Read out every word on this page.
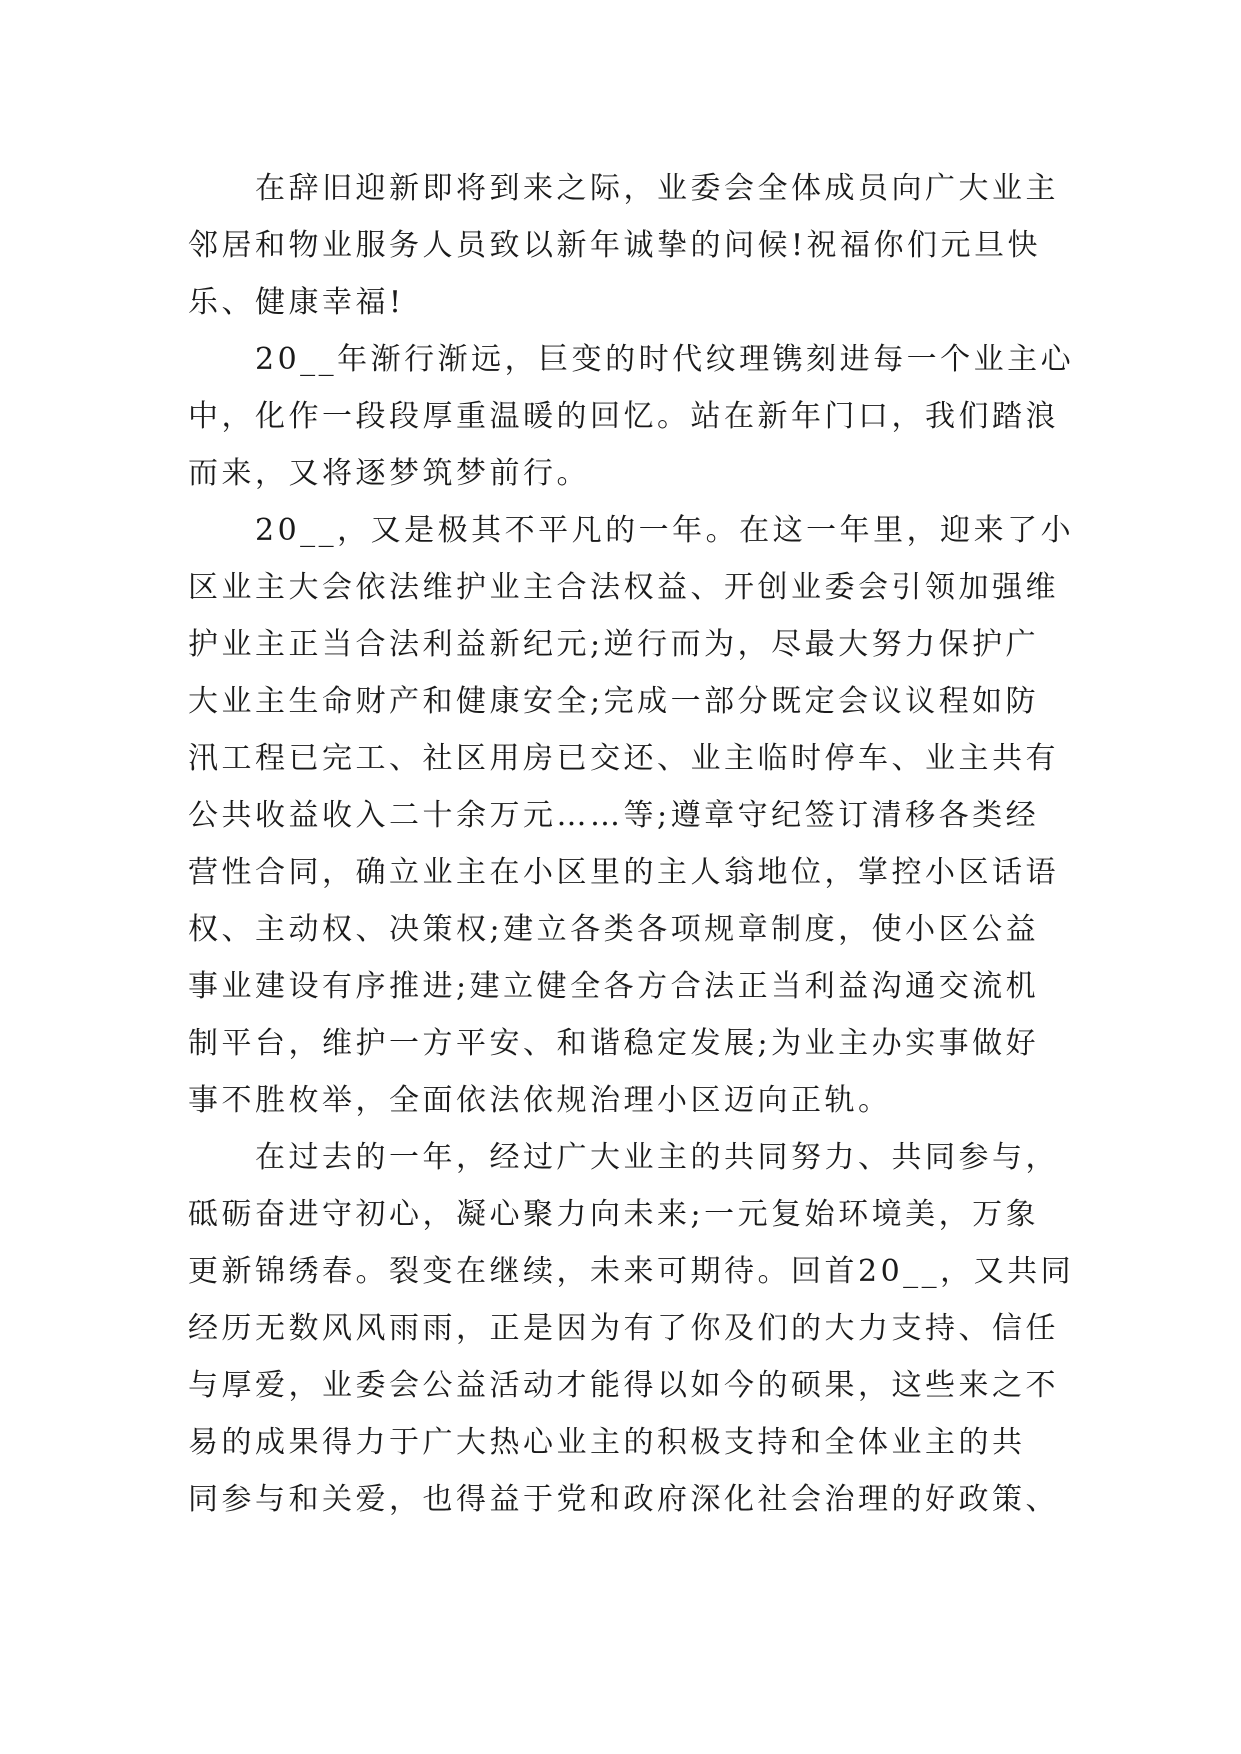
在辞旧迎新即将到来之际，业委会全体成员向广大业主
邻居和物业服务人员致以新年诚挚的问候!祝福你们元旦快
乐、健康幸福!
20__年渐行渐远，巨变的时代纹理镌刻进每一个业主心
中，化作一段段厚重温暖的回忆。站在新年门口，我们踏浪
而来，又将逐梦筑梦前行。
20__，又是极其不平凡的一年。在这一年里，迎来了小
区业主大会依法维护业主合法权益、开创业委会引领加强维
护业主正当合法利益新纪元;逆行而为，尽最大努力保护广
大业主生命财产和健康安全;完成一部分既定会议议程如防
汛工程已完工、社区用房已交还、业主临时停车、业主共有
公共收益收入二十余万元……等;遵章守纪签订清移各类经
营性合同，确立业主在小区里的主人翁地位，掌控小区话语
权、主动权、决策权;建立各类各项规章制度，使小区公益
事业建设有序推进;建立健全各方合法正当利益沟通交流机
制平台，维护一方平安、和谐稳定发展;为业主办实事做好
事不胜枚举，全面依法依规治理小区迈向正轨。
在过去的一年，经过广大业主的共同努力、共同参与，
砥砺奋进守初心，凝心聚力向未来;一元复始环境美，万象
更新锦绣春。裂变在继续，未来可期待。回首20__，又共同
经历无数风风雨雨，正是因为有了你及们的大力支持、信任
与厚爱，业委会公益活动才能得以如今的硕果，这些来之不
易的成果得力于广大热心业主的积极支持和全体业主的共
同参与和关爱，也得益于党和政府深化社会治理的好政策、
